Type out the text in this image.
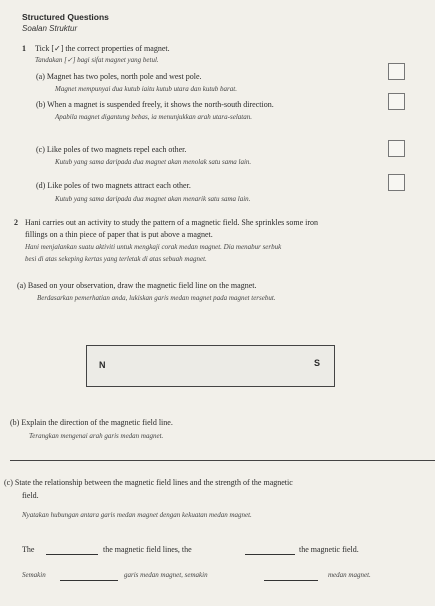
Structured Questions
Soalan Struktur
1 Tick [✓] the correct properties of magnet.
Tandakan [✓] bagi sifat magnet yang betul.
(a) Magnet has two poles, north pole and west pole.
Magnet mempunyai dua kutub iaitu kutub utara dan kutub barat.
(b) When a magnet is suspended freely, it shows the north-south direction.
Apabila magnet digantung bebas, ia menunjukkan arah utara-selatan.
(c) Like poles of two magnets repel each other.
Kutub yang sama daripada dua magnet akan menolak satu sama lain.
(d) Like poles of two magnets attract each other.
Kutub yang sama daripada dua magnet akan menarik satu sama lain.
2 Hani carries out an activity to study the pattern of a magnetic field. She sprinkles some iron
fillings on a thin piece of paper that is put above a magnet.
Hani menjalankan suatu aktiviti untuk mengkaji corak medan magnet. Dia menabur serbuk
besi di atas sekeping kertas yang terletak di atas sebuah magnet.
(a) Based on your observation, draw the magnetic field line on the magnet.
Berdasarkan pemerhatian anda, lukiskan garis medan magnet pada magnet tersebut.
N	S
(b) Explain the direction of the magnetic field line.
Terangkan mengenai arah garis medan magnet.
(c) State the relationship between the magnetic field lines and the strength of the magnetic
field.
Nyatakan hubungan antara garis medan magnet dengan kekuatan medan magnet.
The	the magnetic field lines, the	the magnetic field.
Semakin	garis medan magnet, semakin	medan magnet.
